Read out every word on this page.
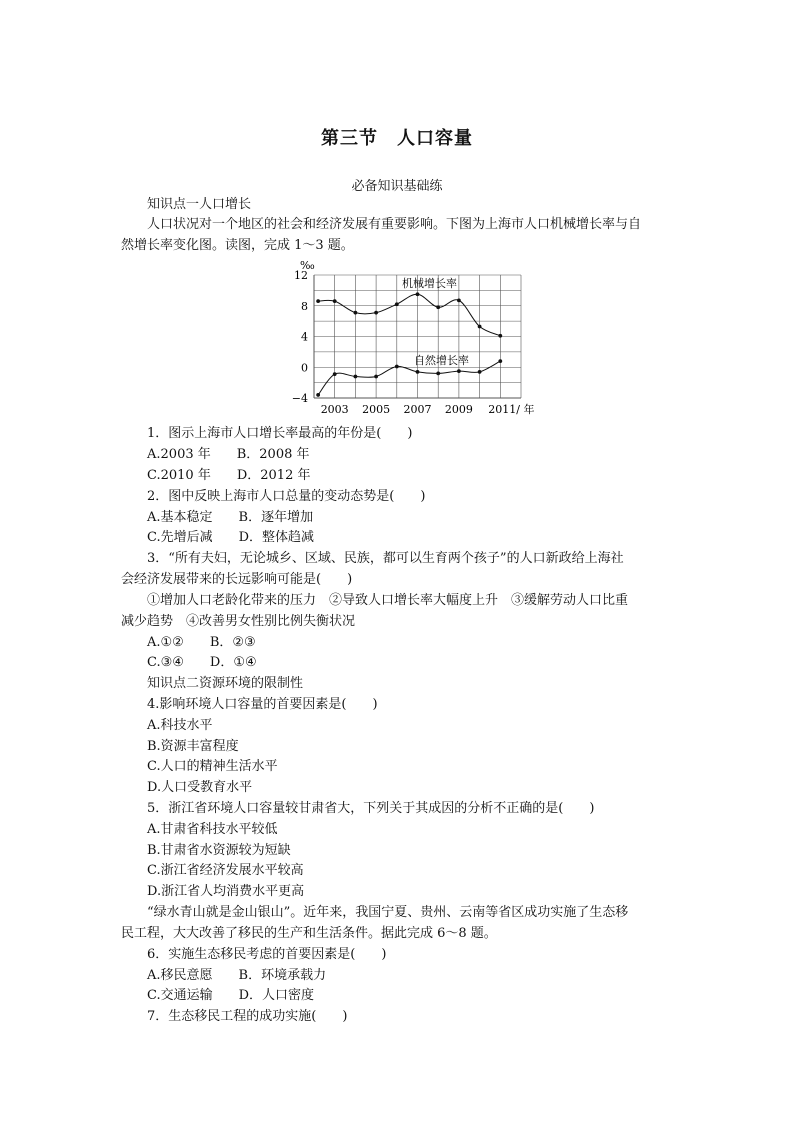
第三节　人口容量
必备知识基础练
知识点一人口增长
人口状况对一个地区的社会和经济发展有重要影响。下图为上海市人口机械增长率与自
然增长率变化图。读图，完成 1～3 题。
12
8
4
0
−4
2003 2005 2007 2009 2011/ 年
‰
机械增长率
自然增长率
1．图示上海市人口增长率最高的年份是(　　)
A.2003 年　　B．2008 年
C.2010 年　　D．2012 年
2．图中反映上海市人口总量的变动态势是(　　)
A.基本稳定　　B．逐年增加
C.先增后减　　D．整体趋减
3．“所有夫妇，无论城乡、区域、民族，都可以生育两个孩子”的人口新政给上海社
会经济发展带来的长远影响可能是(　　)
①增加人口老龄化带来的压力　②导致人口增长率大幅度上升　③缓解劳动人口比重
减少趋势　④改善男女性别比例失衡状况
A.①②　　B．②③
C.③④　　D．①④
知识点二资源环境的限制性
4.影响环境人口容量的首要因素是(　　)
A.科技水平
B.资源丰富程度
C.人口的精神生活水平
D.人口受教育水平
5．浙江省环境人口容量较甘肃省大，下列关于其成因的分析不正确的是(　　)
A.甘肃省科技水平较低
B.甘肃省水资源较为短缺
C.浙江省经济发展水平较高
D.浙江省人均消费水平更高
“绿水青山就是金山银山”。近年来，我国宁夏、贵州、云南等省区成功实施了生态移
民工程，大大改善了移民的生产和生活条件。据此完成 6～8 题。
6．实施生态移民考虑的首要因素是(　　)
A.移民意愿　　B．环境承载力
C.交通运输　　D．人口密度
7．生态移民工程的成功实施(　　)
